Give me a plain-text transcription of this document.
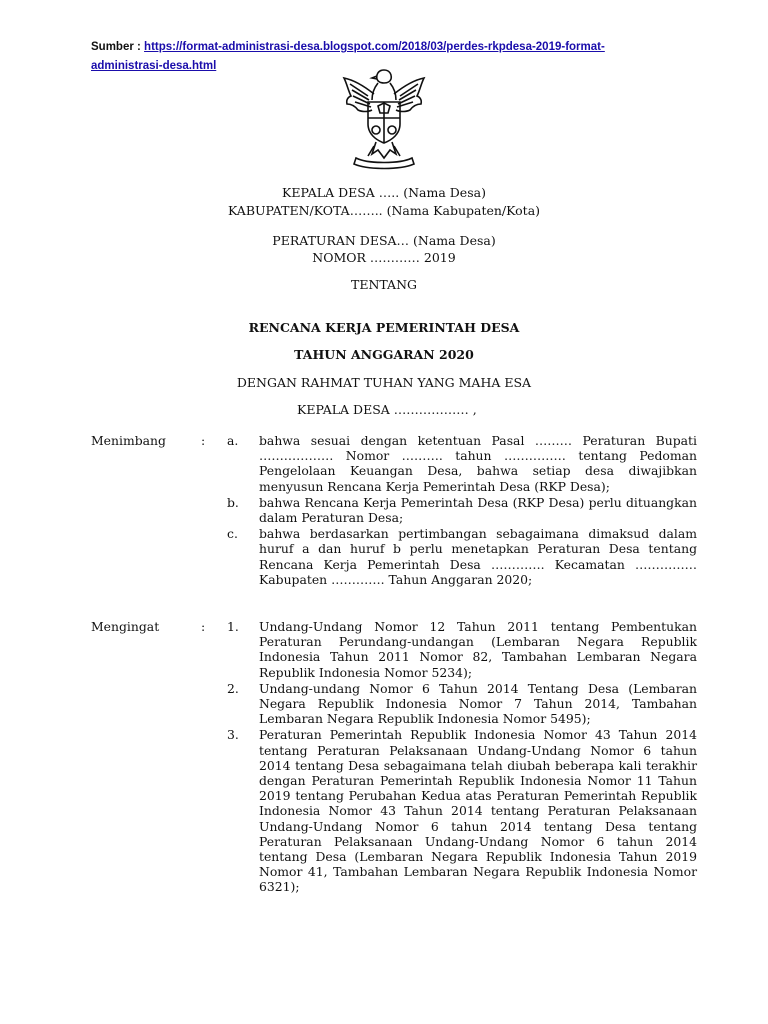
Sumber : https://format-administrasi-desa.blogspot.com/2018/03/perdes-rkpdesa-2019-format-administrasi-desa.html
KEPALA DESA ….. (Nama Desa)
KABUPATEN/KOTA…….. (Nama Kabupaten/Kota)
PERATURAN DESA… (Nama Desa)
NOMOR ………… 2019
TENTANG
RENCANA KERJA PEMERINTAH DESA
TAHUN ANGGARAN 2020
DENGAN RAHMAT TUHAN YANG MAHA ESA
KEPALA DESA ……………… ,
Menimbang	:	a.	bahwa sesuai dengan ketentuan Pasal ……… Peraturan Bupati ……………… Nomor ………. tahun …………… tentang Pedoman Pengelolaan Keuangan Desa, bahwa setiap desa diwajibkan menyusun Rencana Kerja Pemerintah Desa (RKP Desa);
b.	bahwa Rencana Kerja Pemerintah Desa (RKP Desa) perlu dituangkan dalam Peraturan Desa;
c.	bahwa berdasarkan pertimbangan sebagaimana dimaksud dalam huruf a dan huruf b perlu menetapkan Peraturan Desa tentang Rencana Kerja Pemerintah Desa …………. Kecamatan …………… Kabupaten …………. Tahun Anggaran 2020;
Mengingat	:	1.	Undang-Undang Nomor 12 Tahun 2011 tentang Pembentukan Peraturan Perundang-undangan (Lembaran Negara Republik Indonesia Tahun 2011 Nomor 82, Tambahan Lembaran Negara Republik Indonesia Nomor 5234);
2.	Undang-undang Nomor 6 Tahun 2014 Tentang Desa (Lembaran Negara Republik Indonesia Nomor 7 Tahun 2014, Tambahan Lembaran Negara Republik Indonesia Nomor 5495);
3.	Peraturan Pemerintah Republik Indonesia Nomor 43 Tahun 2014 tentang Peraturan Pelaksanaan Undang-Undang Nomor 6 tahun 2014 tentang Desa sebagaimana telah diubah beberapa kali terakhir dengan Peraturan Pemerintah Republik Indonesia Nomor 11 Tahun 2019 tentang Perubahan Kedua atas Peraturan Pemerintah Republik Indonesia Nomor 43 Tahun 2014 tentang Peraturan Pelaksanaan Undang-Undang Nomor 6 tahun 2014 tentang Desa tentang Peraturan Pelaksanaan Undang-Undang Nomor 6 tahun 2014 tentang Desa (Lembaran Negara Republik Indonesia Tahun 2019 Nomor 41, Tambahan Lembaran Negara Republik Indonesia Nomor 6321);
